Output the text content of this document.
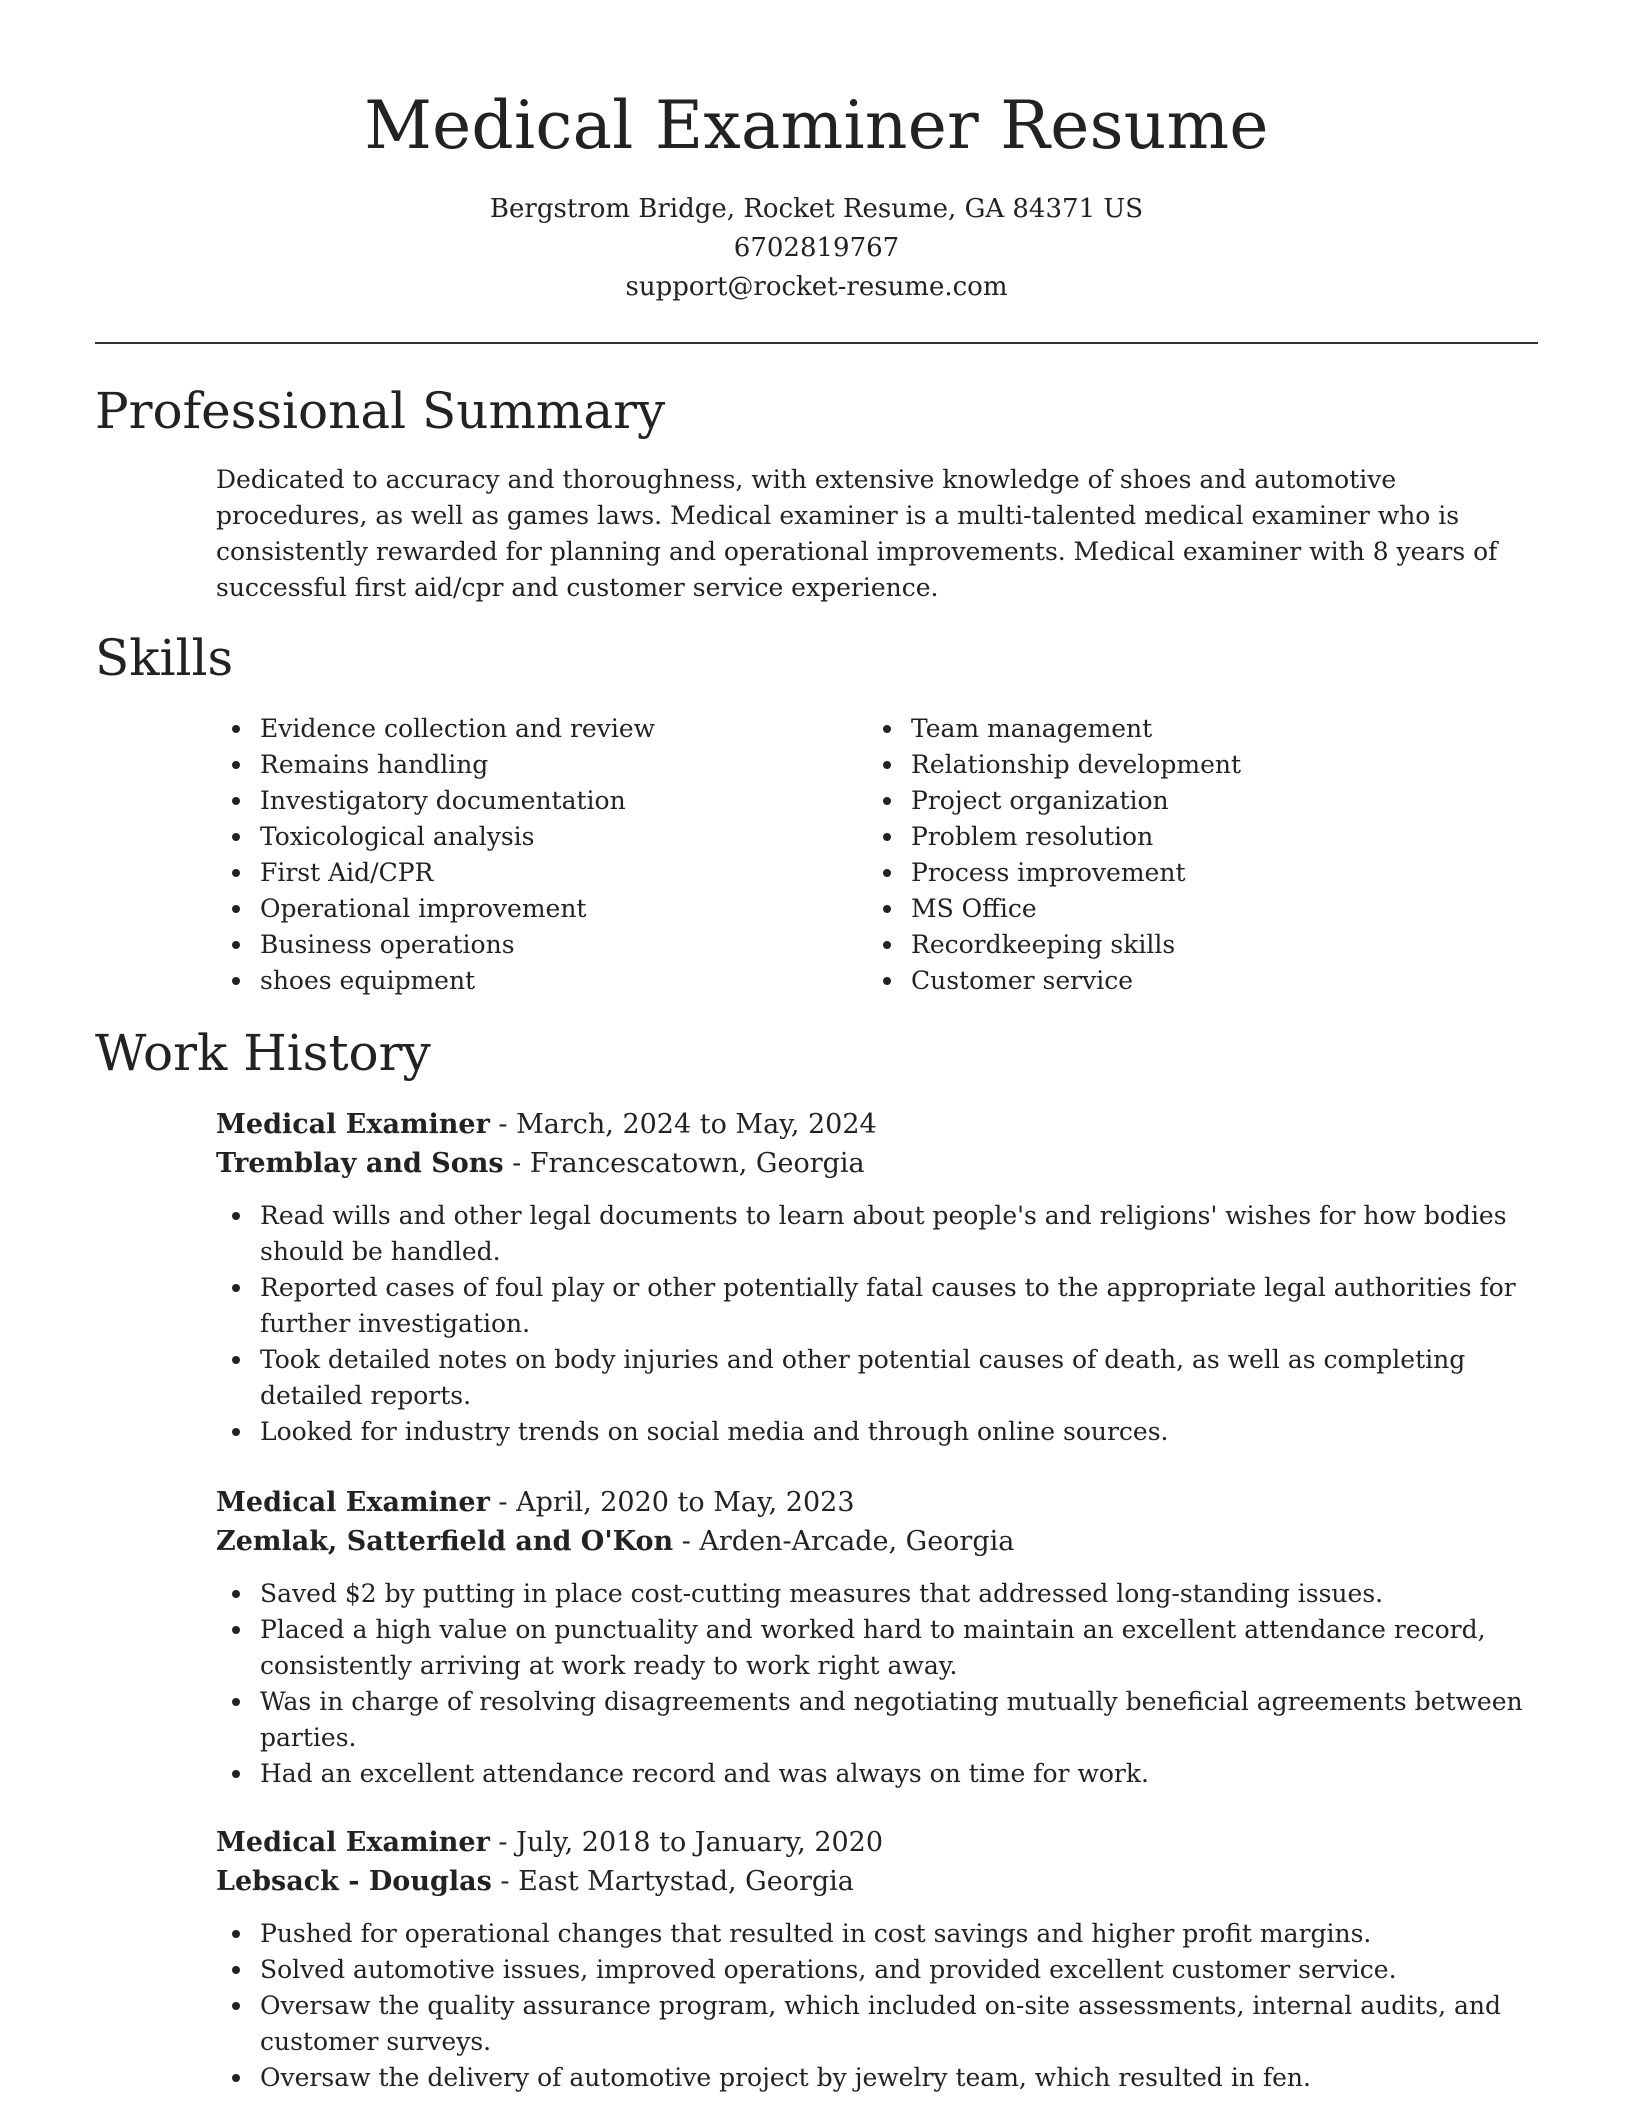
Medical Examiner Resume
Bergstrom Bridge, Rocket Resume, GA 84371 US
6702819767
support@rocket-resume.com
Professional Summary

Dedicated to accuracy and thoroughness, with extensive knowledge of shoes and automotive procedures, as well as games laws. Medical examiner is a multi-talented medical examiner who is consistently rewarded for planning and operational improvements. Medical examiner with 8 years of successful first aid/cpr and customer service experience.

Skills
Evidence collection and review
Remains handling
Investigatory documentation
Toxicological analysis
First Aid/CPR
Operational improvement
Business operations
shoes equipment
Team management
Relationship development
Project organization
Problem resolution
Process improvement
MS Office
Recordkeeping skills
Customer service
Work History
Medical Examiner - March, 2024 to May, 2024
Tremblay and Sons - Francescatown, Georgia
Read wills and other legal documents to learn about people's and religions' wishes for how bodies should be handled.
Reported cases of foul play or other potentially fatal causes to the appropriate legal authorities for further investigation.
Took detailed notes on body injuries and other potential causes of death, as well as completing detailed reports.
Looked for industry trends on social media and through online sources.
Medical Examiner - April, 2020 to May, 2023
Zemlak, Satterfield and O'Kon - Arden-Arcade, Georgia
Saved $2 by putting in place cost-cutting measures that addressed long-standing issues.
Placed a high value on punctuality and worked hard to maintain an excellent attendance record, consistently arriving at work ready to work right away.
Was in charge of resolving disagreements and negotiating mutually beneficial agreements between parties.
Had an excellent attendance record and was always on time for work.
Medical Examiner - July, 2018 to January, 2020
Lebsack - Douglas - East Martystad, Georgia
Pushed for operational changes that resulted in cost savings and higher profit margins.
Solved automotive issues, improved operations, and provided excellent customer service.
Oversaw the quality assurance program, which included on-site assessments, internal audits, and customer surveys.
Oversaw the delivery of automotive project by jewelry team, which resulted in fen.
